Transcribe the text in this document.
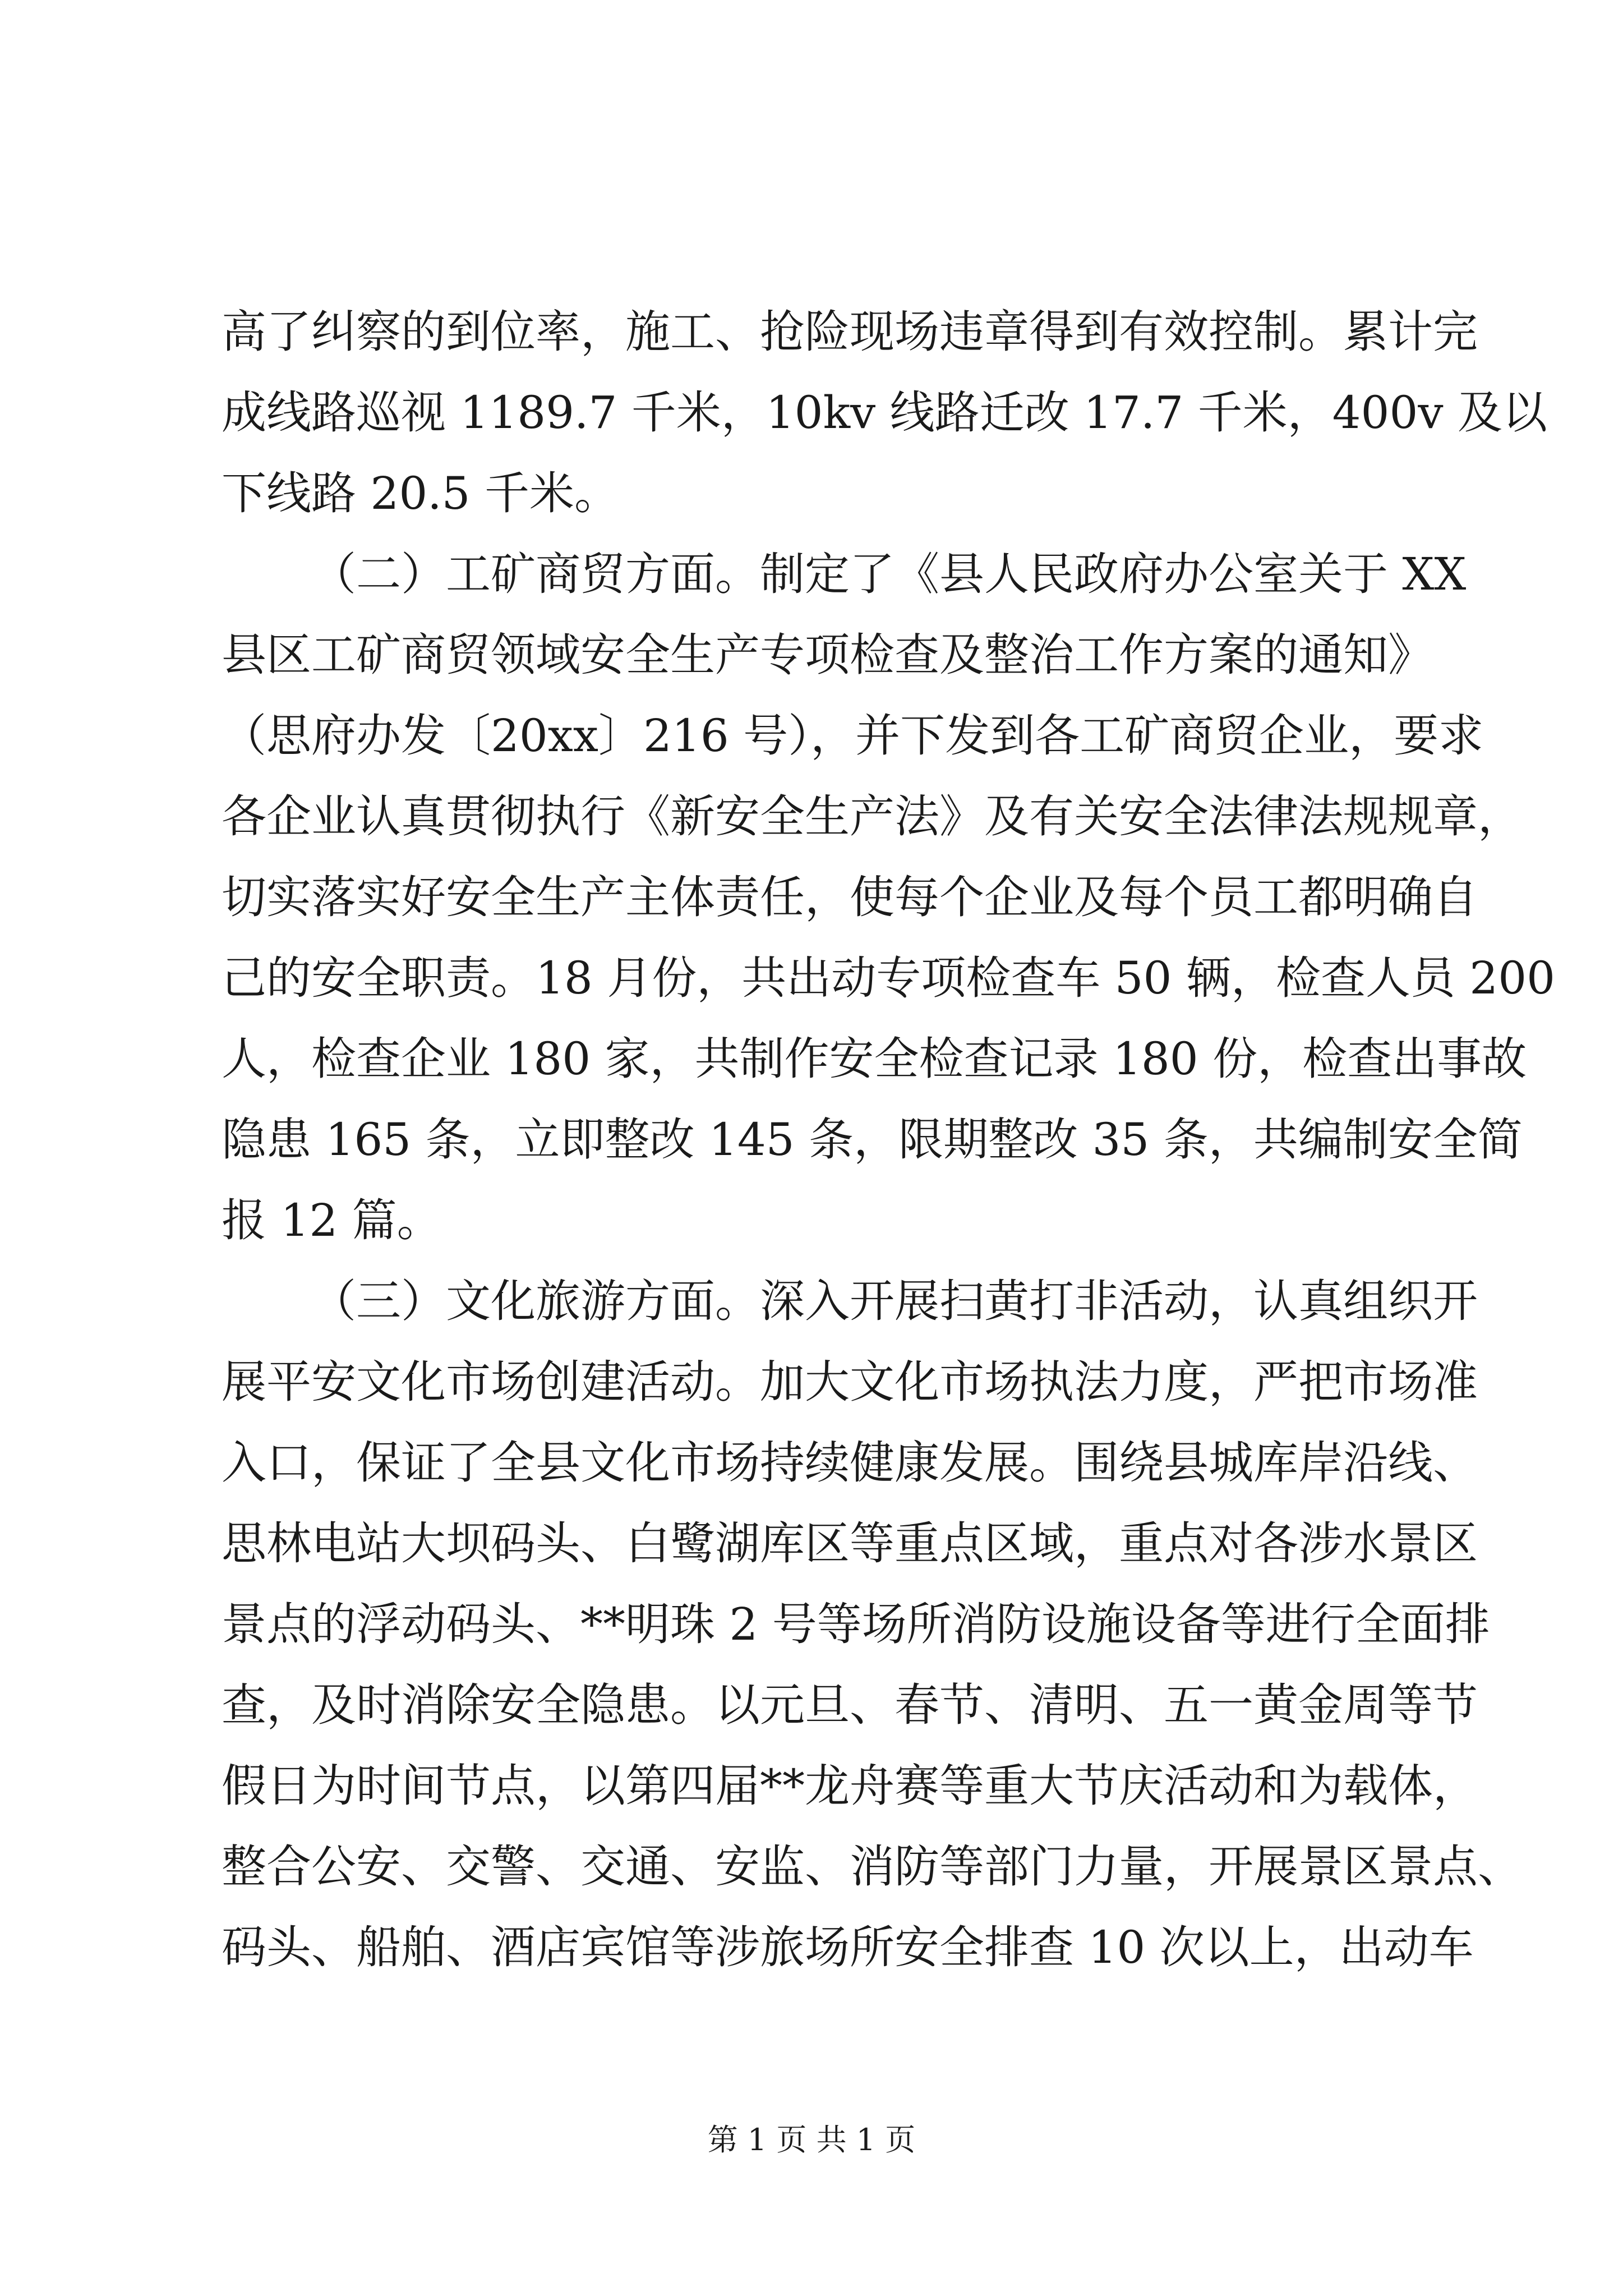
高了纠察的到位率，施工、抢险现场违章得到有效控制。累计完
成线路巡视 1189.7 千米，10kv 线路迁改 17.7 千米，400v 及以
下线路 20.5 千米。
（二）工矿商贸方面。制定了《县人民政府办公室关于 XX
县区工矿商贸领域安全生产专项检查及整治工作方案的通知》
（思府办发〔20xx〕216 号），并下发到各工矿商贸企业，要求
各企业认真贯彻执行《新安全生产法》及有关安全法律法规规章，
切实落实好安全生产主体责任，使每个企业及每个员工都明确自
己的安全职责。18 月份，共出动专项检查车 50 辆，检查人员 200
人，检查企业 180 家，共制作安全检查记录 180 份，检查出事故
隐患 165 条，立即整改 145 条，限期整改 35 条，共编制安全简
报 12 篇。
（三）文化旅游方面。深入开展扫黄打非活动，认真组织开
展平安文化市场创建活动。加大文化市场执法力度，严把市场准
入口，保证了全县文化市场持续健康发展。围绕县城库岸沿线、
思林电站大坝码头、白鹭湖库区等重点区域，重点对各涉水景区
景点的浮动码头、**明珠 2 号等场所消防设施设备等进行全面排
查，及时消除安全隐患。以元旦、春节、清明、五一黄金周等节
假日为时间节点，以第四届**龙舟赛等重大节庆活动和为载体，
整合公安、交警、交通、安监、消防等部门力量，开展景区景点、
码头、船舶、酒店宾馆等涉旅场所安全排查 10 次以上，出动车
第 1 页 共 1 页
